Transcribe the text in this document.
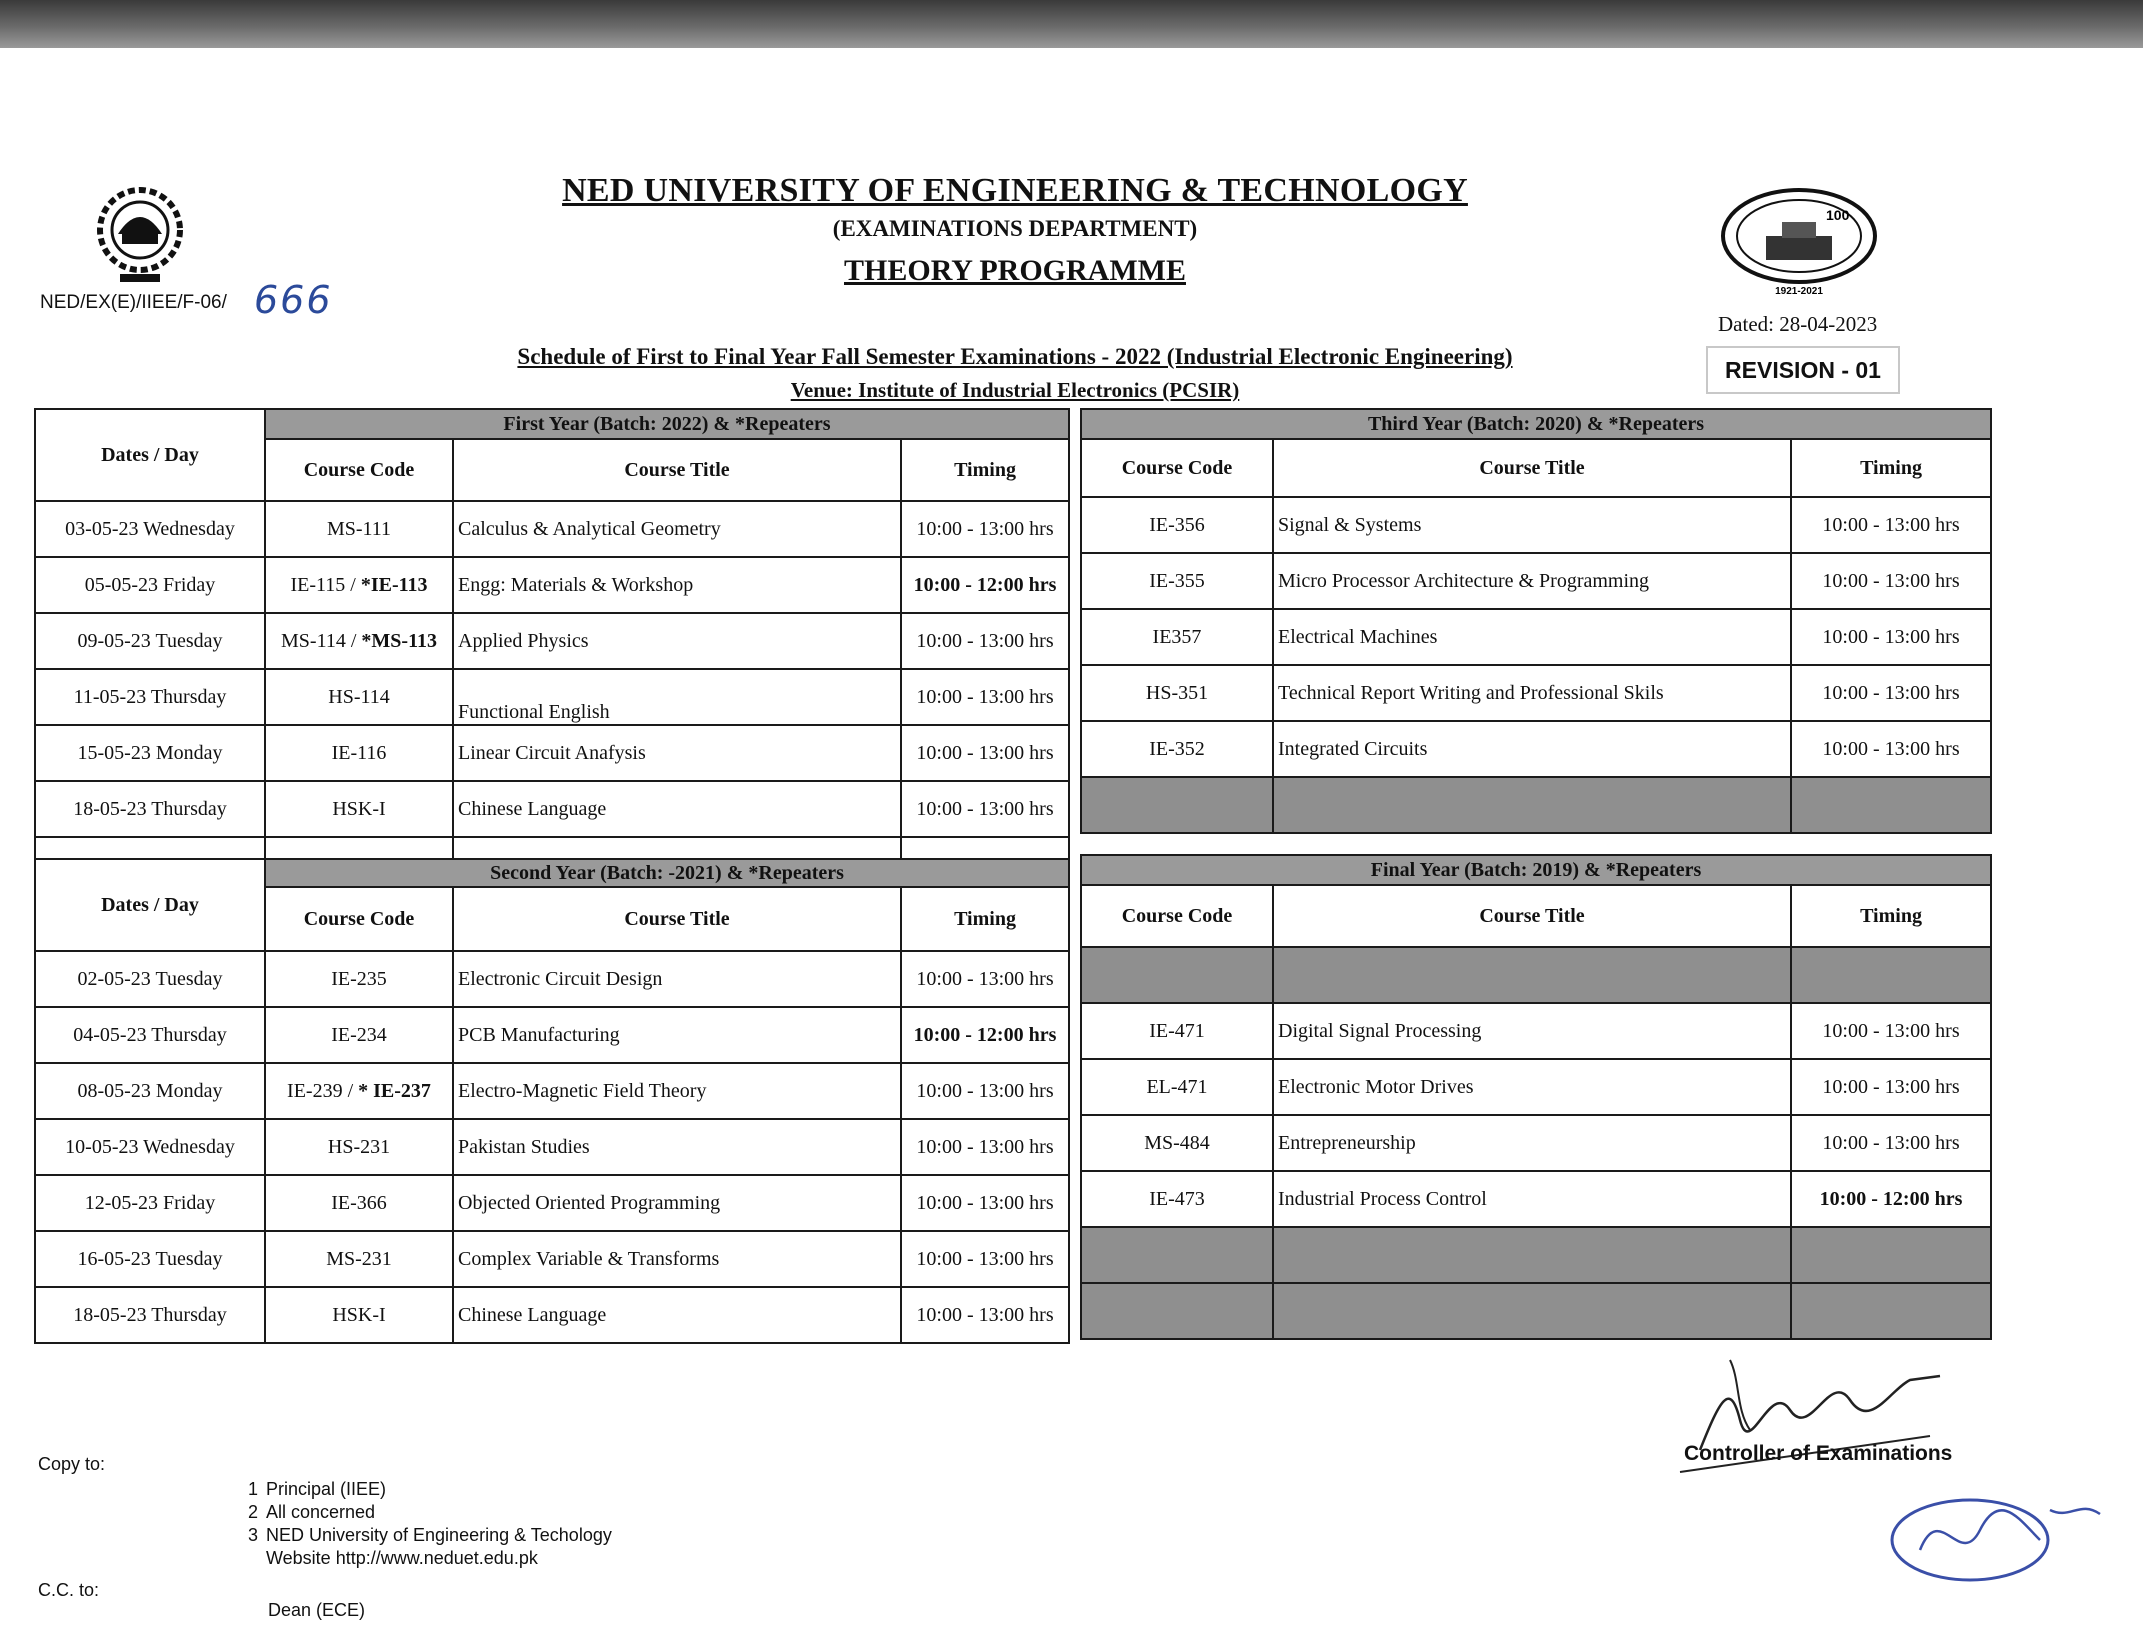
100
1921-2021
NED UNIVERSITY OF ENGINEERING & TECHNOLOGY
(EXAMINATIONS DEPARTMENT)
THEORY PROGRAMME
NED/EX(E)/IIEE/F-06/ 666
Dated: 28-04-2023
REVISION - 01
Schedule of First to Final Year Fall Semester Examinations - 2022 (Industrial Electronic Engineering)
Venue: Institute of Industrial Electronics (PCSIR)
Dates / Day	First Year (Batch: 2022) & *Repeaters		
	Course Code	Course Title	Timing
03-05-23 Wednesday	MS-111	Calculus & Analytical Geometry	10:00 - 13:00 hrs
05-05-23 Friday	IE-115 / *IE-113	Engg: Materials & Workshop	10:00 - 12:00 hrs
09-05-23 Tuesday	MS-114 / *MS-113	Applied Physics	10:00 - 13:00 hrs
11-05-23 Thursday	HS-114	Functional English	10:00 - 13:00 hrs
15-05-23 Monday	IE-116	Linear Circuit Anafysis	10:00 - 13:00 hrs
18-05-23 Thursday	HSK-I	Chinese Language	10:00 - 13:00 hrs

Third Year (Batch: 2020) & *Repeaters		
Course Code	Course Title	Timing
IE-356	Signal & Systems	10:00 - 13:00 hrs
IE-355	Micro Processor Architecture & Programming	10:00 - 13:00 hrs
IE357	Electrical Machines	10:00 - 13:00 hrs
HS-351	Technical Report Writing and Professional Skils	10:00 - 13:00 hrs
IE-352	Integrated Circuits	10:00 - 13:00 hrs

Dates / Day	Second Year (Batch: -2021) & *Repeaters		
	Course Code	Course Title	Timing
02-05-23 Tuesday	IE-235	Electronic Circuit Design	10:00 - 13:00 hrs
04-05-23 Thursday	IE-234	PCB Manufacturing	10:00 - 12:00 hrs
08-05-23 Monday	IE-239 / * IE-237	Electro-Magnetic Field Theory	10:00 - 13:00 hrs
10-05-23 Wednesday	HS-231	Pakistan Studies	10:00 - 13:00 hrs
12-05-23 Friday	IE-366	Objected Oriented Programming	10:00 - 13:00 hrs
16-05-23 Tuesday	MS-231	Complex Variable & Transforms	10:00 - 13:00 hrs
18-05-23 Thursday	HSK-I	Chinese Language	10:00 - 13:00 hrs
Final Year (Batch: 2019) & *Repeaters		
Course Code	Course Title	Timing

IE-471	Digital Signal Processing	10:00 - 13:00 hrs
EL-471	Electronic Motor Drives	10:00 - 13:00 hrs
MS-484	Entrepreneurship	10:00 - 13:00 hrs
IE-473	Industrial Process Control	10:00 - 12:00 hrs

Copy to:
1 Principal (IIEE)
2 All concerned
3 NED University of Engineering & Techology
Website http://www.neduet.edu.pk
C.C. to:
Dean (ECE)
Controller of Examinations
